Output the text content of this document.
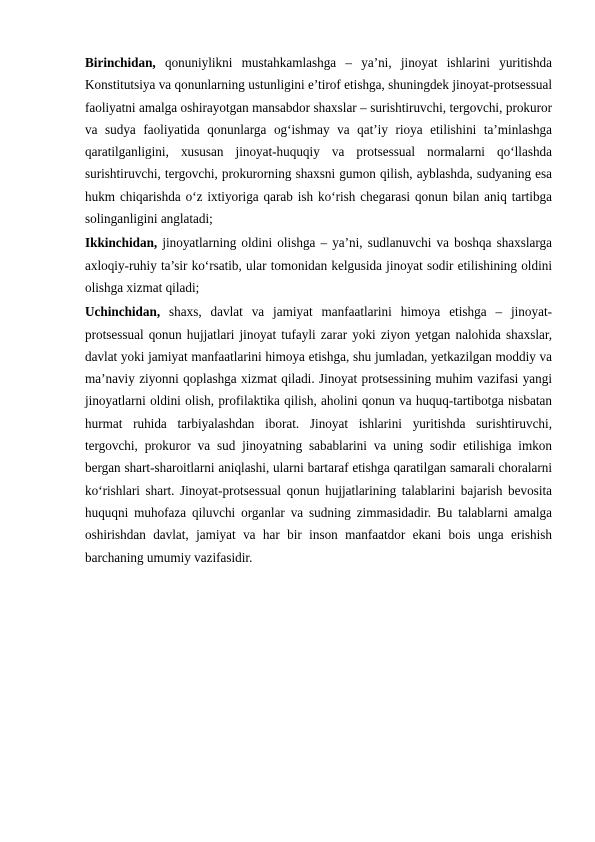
Birinchidan, qonuniylikni mustahkamlashga – ya’ni, jinoyat ishlarini yuritishda Konstitutsiya va qonunlarning ustunligini e’tirof etishga, shuningdek jinoyat-protsessual faoliyatni amalga oshirayotgan mansabdor shaxslar – surishtiruvchi, tergovchi, prokuror va sudya faoliyatida qonunlarga og‘ishmay va qat’iy rioya etilishini ta’minlashga qaratilganligini, xususan jinoyat-huquqiy va protsessual normalarni qo‘llashda surishtiruvchi, tergovchi, prokurorning shaxsni gumon qilish, ayblashda, sudyaning esa hukm chiqarishda o‘z ixtiyoriga qarab ish ko‘rish chegarasi qonun bilan aniq tartibga solinganligini anglatadi;

Ikkinchidan, jinoyatlarning oldini olishga – ya’ni, sudlanuvchi va boshqa shaxslarga axloqiy-ruhiy ta’sir ko‘rsatib, ular tomonidan kelgusida jinoyat sodir etilishining oldini olishga xizmat qiladi;

Uchinchidan, shaxs, davlat va jamiyat manfaatlarini himoya etishga – jinoyat-protsessual qonun hujjatlari jinoyat tufayli zarar yoki ziyon yetgan nalohida shaxslar, davlat yoki jamiyat manfaatlarini himoya etishga, shu jumladan, yetkazilgan moddiy va ma’naviy ziyonni qoplashga xizmat qiladi. Jinoyat protsessining muhim vazifasi yangi jinoyatlarni oldini olish, profilaktika qilish, aholini qonun va huquq-tartibotga nisbatan hurmat ruhida tarbiyalashdan iborat. Jinoyat ishlarini yuritishda surishtiruvchi, tergovchi, prokuror va sud jinoyatning sabablarini va uning sodir etilishiga imkon bergan shart-sharoitlarni aniqlashi, ularni bartaraf etishga qaratilgan samarali choralarni ko‘rishlari shart. Jinoyat-protsessual qonun hujjatlarining talablarini bajarish bevosita huquqni muhofaza qiluvchi organlar va sudning zimmasidadir. Bu talablarni amalga oshirishdan davlat, jamiyat va har bir inson manfaatdor ekani bois unga erishish barchaning umumiy vazifasidir.
